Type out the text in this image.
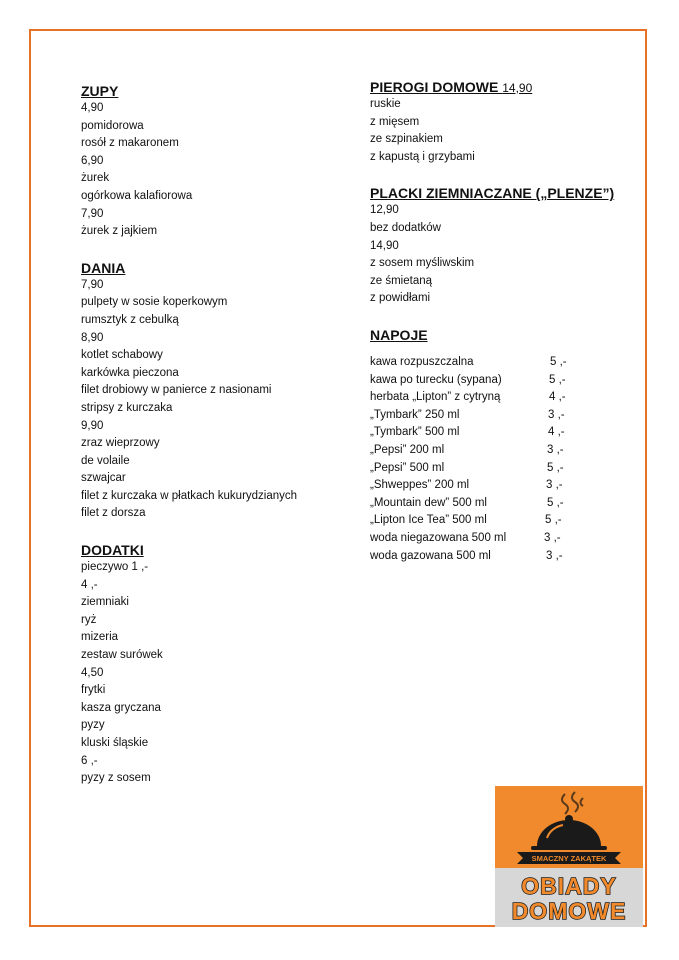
ZUPY
4,90
pomidorowa
rosół z makaronem
6,90
żurek
ogórkowa kalafiorowa
7,90
żurek z jajkiem
DANIA
7,90
pulpety w sosie koperkowym
rumsztyk z cebulką
8,90
kotlet schabowy
karkówka pieczona
filet drobiowy w panierce z nasionami
stripsy z kurczaka
9,90
zraz wieprzowy
de volaile
szwajcar
filet z kurczaka w płatkach kukurydzianych
filet z dorsza
DODATKI
pieczywo 1 ,-
4 ,-
ziemniaki
ryż
mizeria
zestaw surówek
4,50
frytki
kasza gryczana
pyzy
kluski śląskie
6 ,-
pyzy z sosem
PIEROGI DOMOWE 14,90
ruskie
z mięsem
ze szpinakiem
z kapustą i grzybami
PLACKI ZIEMNIACZANE („PLENZE”)
12,90
bez dodatków
14,90
z sosem myśliwskim
ze śmietaną
z powidłami
NAPOJE
kawa rozpuszczalna	5 ,-
kawa po turecku (sypana)	5 ,-
herbata „Lipton” z cytryną	4 ,-
„Tymbark” 250 ml	3 ,-
„Tymbark” 500 ml	4 ,-
„Pepsi” 200 ml	3 ,-
„Pepsi” 500 ml	5 ,-
„Shweppes” 200 ml	3 ,-
„Mountain dew” 500 ml	5 ,-
„Lipton Ice Tea” 500 ml	5 ,-
woda niegazowana 500 ml	3 ,-
woda gazowana 500 ml	3 ,-
SMACZNY ZAKĄTEK
OBIADY
DOMOWE
